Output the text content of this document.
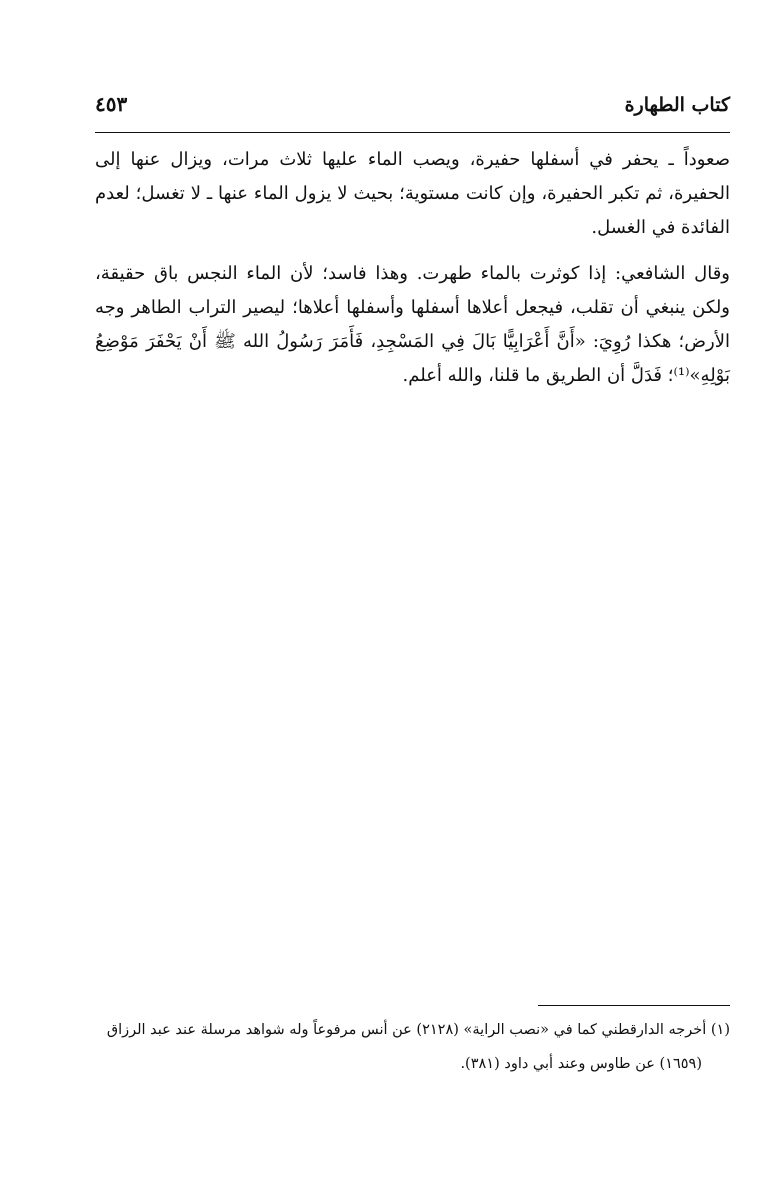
كتاب الطهارة
٤٥٣

صعوداً ـ يحفر في أسفلها حفيرة، ويصب الماء عليها ثلاث مرات، ويزال عنها إلى الحفيرة، ثم تكبر الحفيرة، وإن كانت مستوية؛ بحيث لا يزول الماء عنها ـ لا تغسل؛ لعدم الفائدة في الغسل.

وقال الشافعي: إذا كوثرت بالماء طهرت. وهذا فاسد؛ لأن الماء النجس باق حقيقة، ولكن ينبغي أن تقلب، فيجعل أعلاها أسفلها وأسفلها أعلاها؛ ليصير التراب الطاهر وجه الأرض؛ هكذا رُوِيَ: «أَنَّ أَعْرَابِيًّا بَالَ فِي المَسْجِدِ، فَأَمَرَ رَسُولُ الله ﷺ أَنْ يَحْفَرَ مَوْضِعُ بَوْلِهِ»⁽¹⁾؛ فَدَلَّ أن الطريق ما قلنا، والله أعلم.

(١) أخرجه الدارقطني كما في «نصب الراية» (٢١٢٨) عن أنس مرفوعاً وله شواهد مرسلة عند عبد الرزاق

(١٦٥٩) عن طاوس وعند أبي داود (٣٨١).
